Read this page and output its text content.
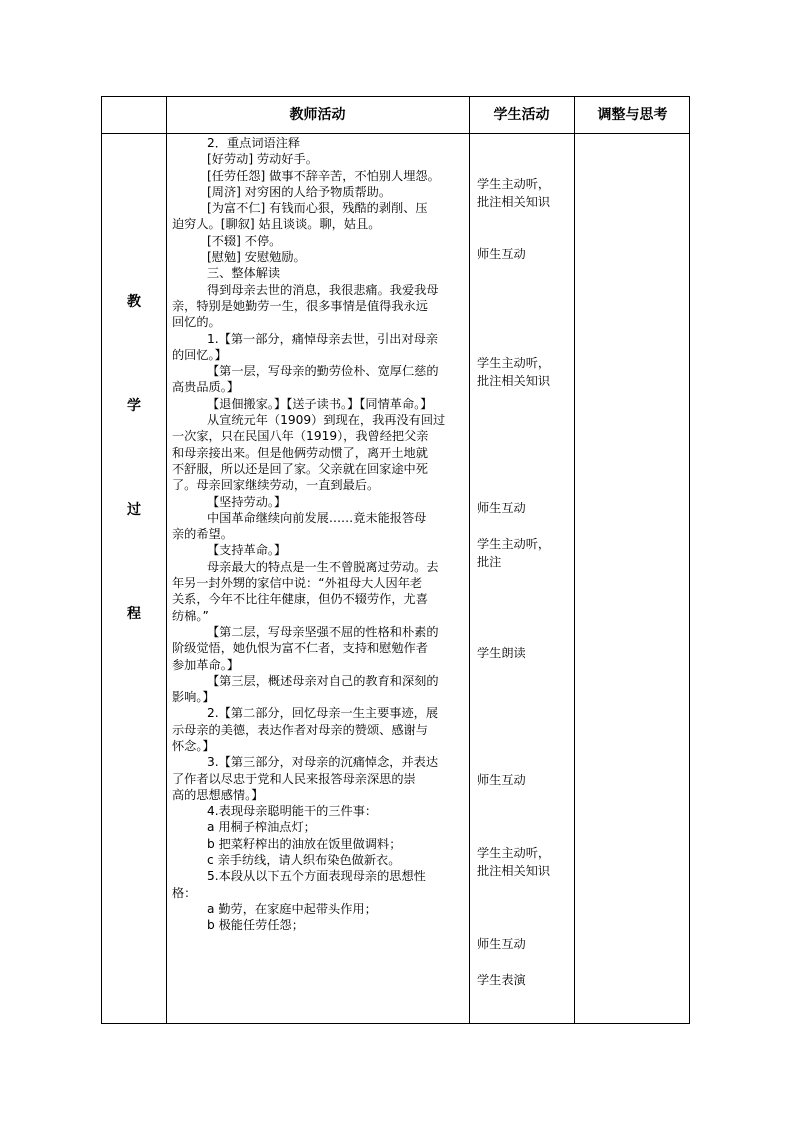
教师活动	学生活动	调整与思考
教
学
过
程
2．重点词语注释
[好劳动] 劳动好手。
[任劳任怨] 做事不辞辛苦，不怕别人埋怨。
[周济] 对穷困的人给予物质帮助。
[为富不仁] 有钱而心狠，残酷的剥削、压
迫穷人。[聊叙] 姑且谈谈。聊，姑且。
[不辍] 不停。
[慰勉] 安慰勉励。
三、整体解读
得到母亲去世的消息，我很悲痛。我爱我母
亲，特别是她勤劳一生，很多事情是值得我永远
回忆的。
1.【第一部分，痛悼母亲去世，引出对母亲
的回忆。】
【第一层，写母亲的勤劳俭朴、宽厚仁慈的
高贵品质。】
【退佃搬家。】【送子读书。】【同情革命。】
从宣统元年（1909）到现在，我再没有回过
一次家，只在民国八年（1919），我曾经把父亲
和母亲接出来。但是他俩劳动惯了，离开土地就
不舒服，所以还是回了家。父亲就在回家途中死
了。母亲回家继续劳动，一直到最后。
【坚持劳动。】
中国革命继续向前发展……竟未能报答母
亲的希望。
【支持革命。】
母亲最大的特点是一生不曾脱离过劳动。去
年另一封外甥的家信中说：“外祖母大人因年老
关系，今年不比往年健康，但仍不辍劳作，尤喜
纺棉。”
【第二层，写母亲坚强不屈的性格和朴素的
阶级觉悟，她仇恨为富不仁者，支持和慰勉作者
参加革命。】
【第三层，概述母亲对自己的教育和深刻的
影响。】
2.【第二部分，回忆母亲一生主要事迹，展
示母亲的美德，表达作者对母亲的赞颂、感谢与
怀念。】
3.【第三部分，对母亲的沉痛悼念，并表达
了作者以尽忠于党和人民来报答母亲深思的崇
高的思想感情。】
4.表现母亲聪明能干的三件事：
a 用桐子榨油点灯；
b 把菜籽榨出的油放在饭里做调料；
c 亲手纺线，请人织布染色做新衣。
5.本段从以下五个方面表现母亲的思想性
格：
a 勤劳，在家庭中起带头作用；
b 极能任劳任怨；
学生主动听，
批注相关知识
师生互动
学生主动听，
批注相关知识
师生互动
学生主动听，
批注
学生朗读
师生互动
学生主动听，
批注相关知识
师生互动
学生表演
